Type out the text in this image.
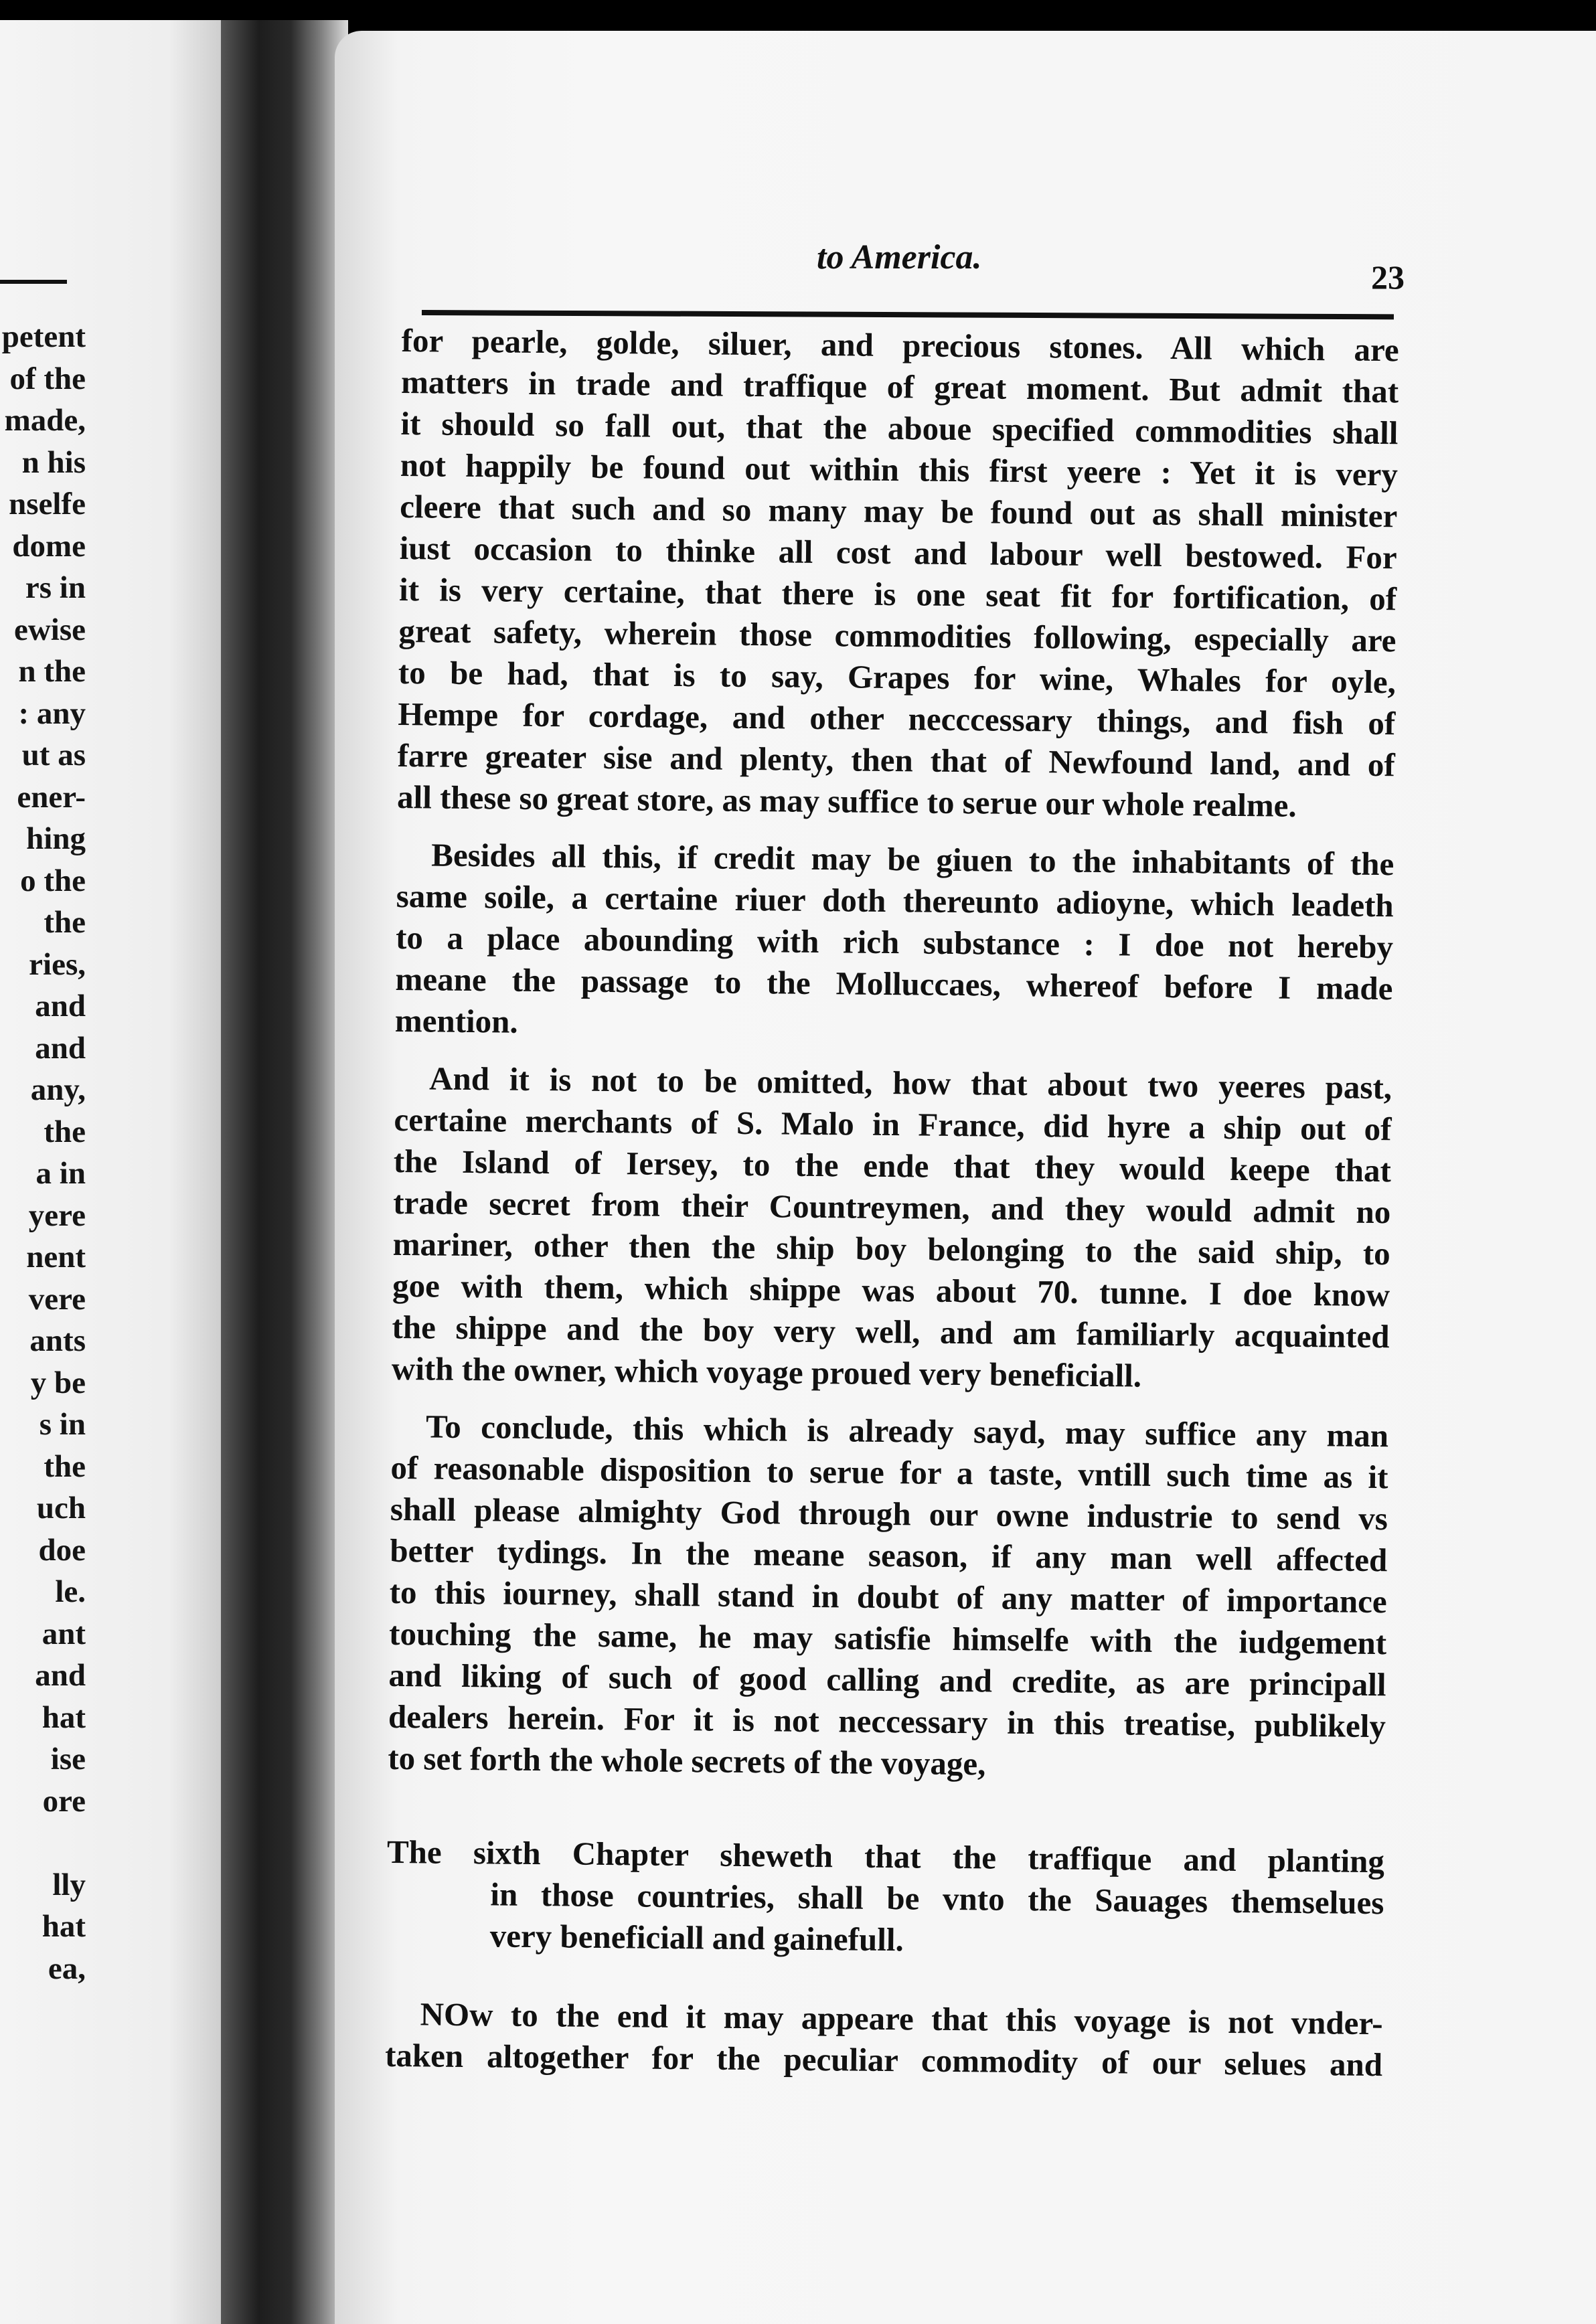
petent
of the
made,
n his
nselfe
dome
rs in
ewise
n the
: any
ut as
ener-
hing
o the
the
ries,
and
and
any,
the
a in
yere
nent
vere
ants
y be
s in
the
uch
doe
le.
ant
and
hat
ise
ore

lly
hat
ea,
to America.
23
for pearle, golde, siluer, and precious stones. All which are
matters in trade and traffique of great moment. But admit that
it should so fall out, that the aboue specified commodities shall
not happily be found out within this first yeere : Yet it is very
cleere that such and so many may be found out as shall minister
iust occasion to thinke all cost and labour well bestowed. For
it is very certaine, that there is one seat fit for fortification, of
great safety, wherein those commodities following, especially are
to be had, that is to say, Grapes for wine, Whales for oyle,
Hempe for cordage, and other necccessary things, and fish of
farre greater sise and plenty, then that of Newfound land, and of
all these so great store, as may suffice to serue our whole realme.
Besides all this, if credit may be giuen to the inhabitants of the
same soile, a certaine riuer doth thereunto adioyne, which leadeth
to a place abounding with rich substance : I doe not hereby
meane the passage to the Molluccaes, whereof before I made
mention.
And it is not to be omitted, how that about two yeeres past,
certaine merchants of S. Malo in France, did hyre a ship out of
the Island of Iersey, to the ende that they would keepe that
trade secret from their Countreymen, and they would admit no
mariner, other then the ship boy belonging to the said ship, to
goe with them, which shippe was about 70. tunne. I doe know
the shippe and the boy very well, and am familiarly acquainted
with the owner, which voyage proued very beneficiall.
To conclude, this which is already sayd, may suffice any man
of reasonable disposition to serue for a taste, vntill such time as it
shall please almighty God through our owne industrie to send vs
better tydings. In the meane season, if any man well affected
to this iourney, shall stand in doubt of any matter of importance
touching the same, he may satisfie himselfe with the iudgement
and liking of such of good calling and credite, as are principall
dealers herein. For it is not neccessary in this treatise, publikely
to set forth the whole secrets of the voyage,
The sixth Chapter sheweth that the traffique and planting
in those countries, shall be vnto the Sauages themselues
very beneficiall and gainefull.
NOw to the end it may appeare that this voyage is not vnder-
taken altogether for the peculiar commodity of our selues and
